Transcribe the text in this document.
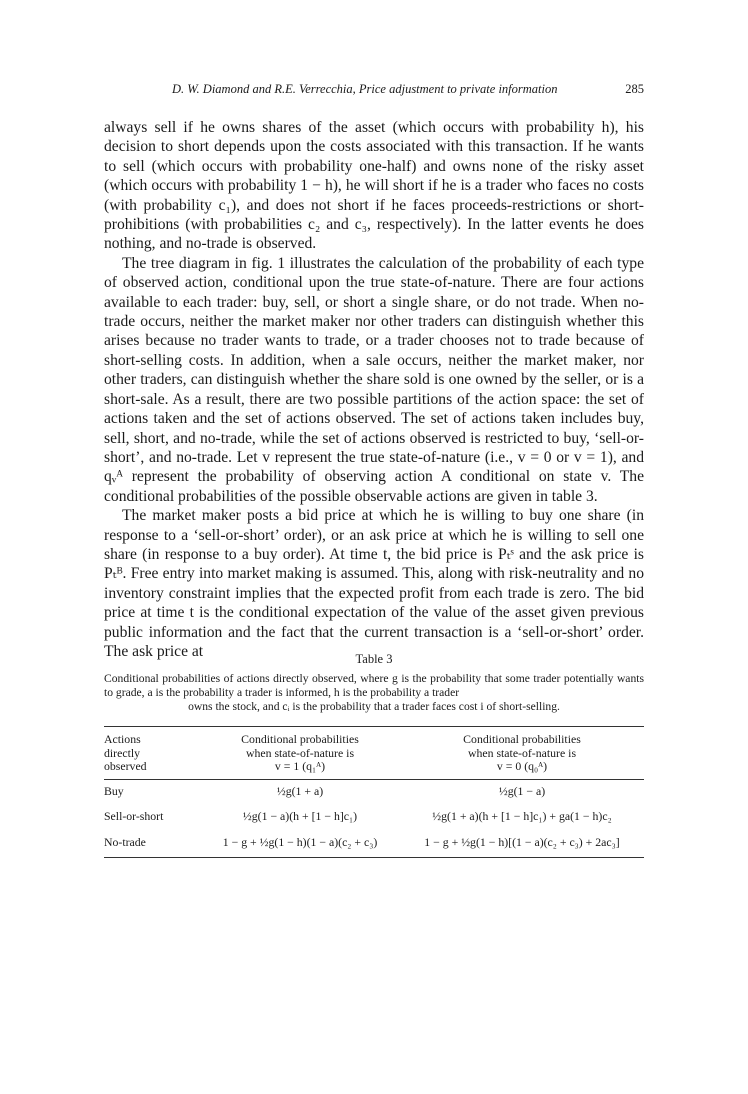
D. W. Diamond and R.E. Verrecchia, Price adjustment to private information	285

always sell if he owns shares of the asset (which occurs with probability h), his decision to short depends upon the costs associated with this transaction. If he wants to sell (which occurs with probability one-half) and owns none of the risky asset (which occurs with probability 1 − h), he will short if he is a trader who faces no costs (with probability c₁), and does not short if he faces proceeds-restrictions or short-prohibitions (with probabilities c₂ and c₃, respectively). In the latter events he does nothing, and no-trade is observed.

The tree diagram in fig. 1 illustrates the calculation of the probability of each type of observed action, conditional upon the true state-of-nature. There are four actions available to each trader: buy, sell, or short a single share, or do not trade. When no-trade occurs, neither the market maker nor other traders can distinguish whether this arises because no trader wants to trade, or a trader chooses not to trade because of short-selling costs. In addition, when a sale occurs, neither the market maker, nor other traders, can distinguish whether the share sold is one owned by the seller, or is a short-sale. As a result, there are two possible partitions of the action space: the set of actions taken and the set of actions observed. The set of actions taken includes buy, sell, short, and no-trade, while the set of actions observed is restricted to buy, ‘sell-or-short’, and no-trade. Let v represent the true state-of-nature (i.e., v = 0 or v = 1), and qᵥᴬ represent the probability of observing action A conditional on state v. The conditional probabilities of the possible observable actions are given in table 3.

The market maker posts a bid price at which he is willing to buy one share (in response to a ‘sell-or-short’ order), or an ask price at which he is willing to sell one share (in response to a buy order). At time t, the bid price is Pₜˢ and the ask price is Pₜᴮ. Free entry into market making is assumed. This, along with risk-neutrality and no inventory constraint implies that the expected profit from each trade is zero. The bid price at time t is the conditional expectation of the value of the asset given previous public information and the fact that the current transaction is a ‘sell-or-short’ order. The ask price at	Table 3
Conditional probabilities of actions directly observed, where g is the probability that some trader potentially wants to grade, a is the probability a trader is informed, h is the probability a trader
owns the stock, and cᵢ is the probability that a trader faces cost i of short-selling.
Actions
directly
observed	Conditional probabilities
when state-of-nature is
v = 1 (q₁ᴬ)	Conditional probabilities
when state-of-nature is
v = 0 (q₀ᴬ)

Buy	½g(1 + a)	½g(1 − a)
Sell-or-short	½g(1 − a)(h + [1 − h]c₁)	½g(1 + a)(h + [1 − h]c₁) + ga(1 − h)c₂
No-trade	1 − g + ½g(1 − h)(1 − a)(c₂ + c₃)	1 − g + ½g(1 − h)[(1 − a)(c₂ + c₃) + 2ac₃]
